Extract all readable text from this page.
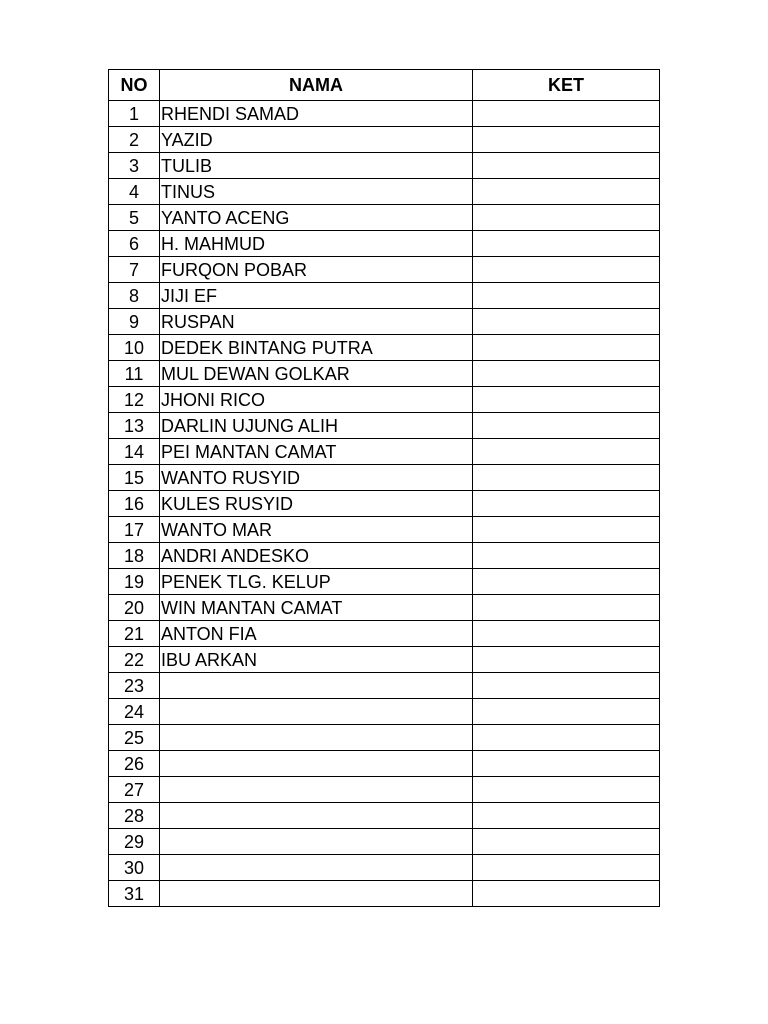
NO	NAMA	KET
1	RHENDI SAMAD	
2	YAZID	
3	TULIB	
4	TINUS	
5	YANTO ACENG	
6	H. MAHMUD	
7	FURQON POBAR	
8	JIJI EF	
9	RUSPAN	
10	DEDEK BINTANG PUTRA	
11	MUL DEWAN GOLKAR	
12	JHONI RICO	
13	DARLIN UJUNG ALIH	
14	PEI MANTAN CAMAT	
15	WANTO RUSYID	
16	KULES RUSYID	
17	WANTO MAR	
18	ANDRI ANDESKO	
19	PENEK TLG. KELUP	
20	WIN MANTAN CAMAT	
21	ANTON FIA	
22	IBU ARKAN	
23		
24		
25		
26		
27		
28		
29		
30		
31		
